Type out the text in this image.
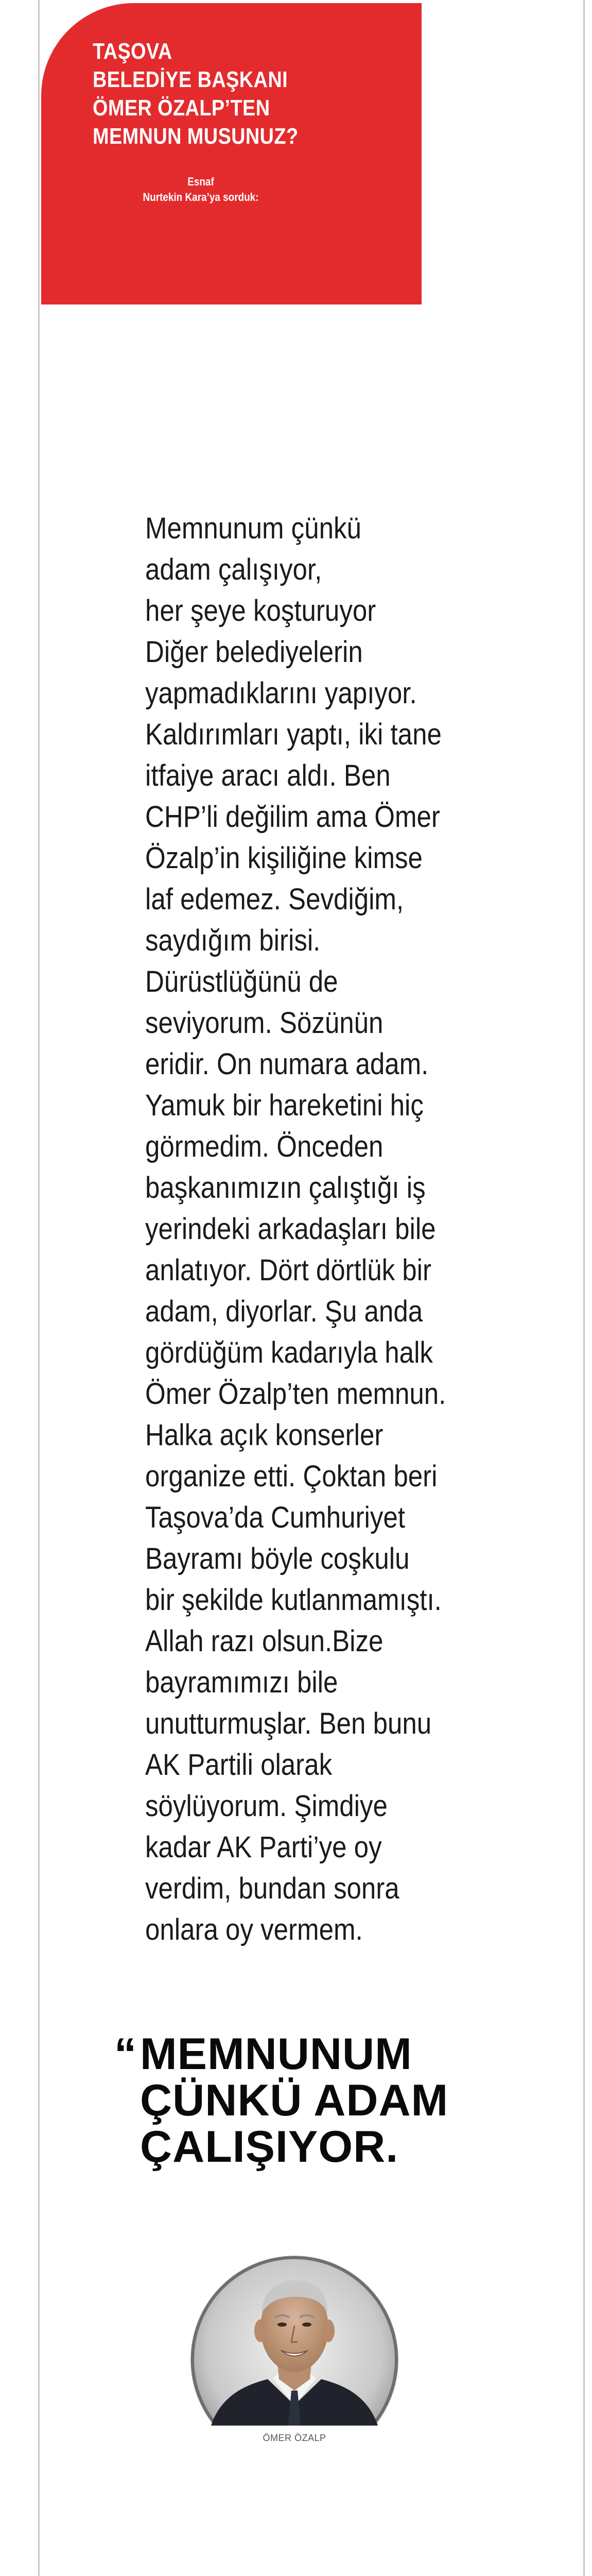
TAŞOVA
BELEDİYE BAŞKANI
ÖMER ÖZALP’TEN
MEMNUN MUSUNUZ?
Esnaf
Nurtekin Kara’ya sorduk:

Memnunum çünkü
adam çalışıyor,
her şeye koşturuyor
Diğer belediyelerin
yapmadıklarını yapıyor.
Kaldırımları yaptı, iki tane
itfaiye aracı aldı. Ben
CHP’li değilim ama Ömer
Özalp’in kişiliğine kimse
laf edemez. Sevdiğim,
saydığım birisi.
Dürüstlüğünü de
seviyorum. Sözünün
eridir. On numara adam.
Yamuk bir hareketini hiç
görmedim. Önceden
başkanımızın çalıştığı iş
yerindeki arkadaşları bile
anlatıyor. Dört dörtlük bir
adam, diyorlar. Şu anda
gördüğüm kadarıyla halk
Ömer Özalp’ten memnun.
Halka açık konserler
organize etti. Çoktan beri
Taşova’da Cumhuriyet
Bayramı böyle coşkulu
bir şekilde kutlanmamıştı.
Allah razı olsun.Bize
bayramımızı bile
unutturmuşlar. Ben bunu
AK Partili olarak
söylüyorum. Şimdiye
kadar AK Parti’ye oy
verdim, bundan sonra
onlara oy vermem.

“ MEMNUNUM
ÇÜNKÜ ADAM
ÇALIŞIYOR.
ÖMER ÖZALP
